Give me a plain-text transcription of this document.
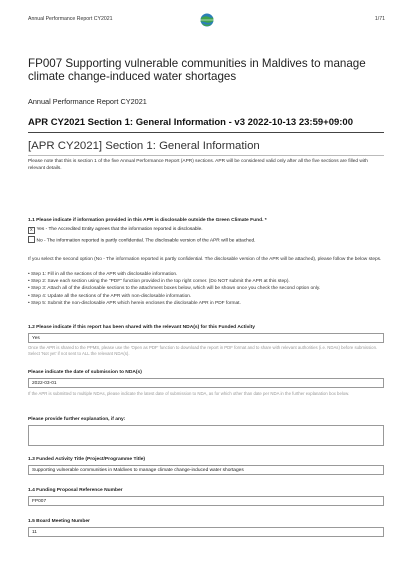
Annual Performance Report CY2021	1/71
FP007 Supporting vulnerable communities in Maldives to manage climate change-induced water shortages
Annual Performance Report CY2021
APR CY2021 Section 1: General Information - v3 2022-10-13 23:59+09:00
[APR CY2021] Section 1: General Information
Please note that this is section 1 of the five Annual Performance Report (APR) sections. APR will be considered valid only after all the five sections are filled with relevant details.
1.1 Please indicate if information provided in this APR is disclosable outside the Green Climate Fund. *
X Yes - The Accredited Entity agrees that the information reported is disclosable.
No - The information reported is partly confidential. The disclosable version of the APR will be attached.
If you select the second option (No - The information reported is partly confidential. The disclosable version of the APR will be attached), please follow the below steps.
• Step 1: Fill in all the sections of the APR with disclosable information.
• Step 2: Save each section using the "PDF" function provided in the top right corner. (Do NOT submit the APR at this step).
• Step 3: Attach all of the disclosable sections to the attachment boxes below, which will be shown once you check the second option only.
• Step 4: Update all the sections of the APR with non-disclosable information.
• Step 5: Submit the non-disclosable APR which herein encloses the disclosable APR in PDF format.
1.2 Please indicate if this report has been shared with the relevant NDA(s) for this Funded Activity
Yes
Once the APR is shared to the PPMS, please use the 'Open as PDF' function to download the report in PDF format and to share with relevant authorities (i.e. NDAs) before submission. Select 'Not yet' if not sent to ALL the relevant NDA(s).
Please indicate the date of submission to NDA(s)
2022-03-01
If the APR is submitted to multiple NDAs, please indicate the latest date of submission to NDA, as for which other than date per NDA in the further explanation box below.
Please provide further explanation, if any:
1.3 Funded Activity Title (Project/Programme Title)
Supporting vulnerable communities in Maldives to manage climate change-induced water shortages
1.4 Funding Proposal Reference Number
FP007
1.5 Board Meeting Number
11
